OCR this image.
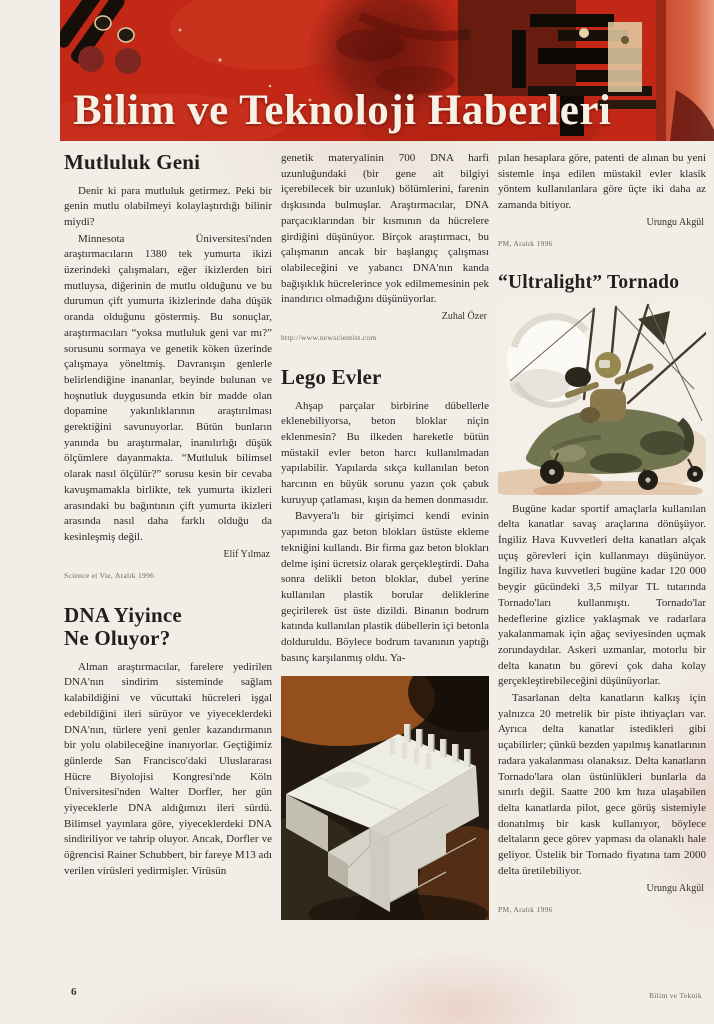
Bilim ve Teknoloji Haberleri
Mutluluk Geni

Denir ki para mutluluk getirmez. Peki bir genin mutlu olabilmeyi kolaylaştırdığı bilinir miydi?

Minnesota Üniversitesi'nden araştırmacıların 1380 tek yumurta ikizi üzerindeki çalışmaları, eğer ikizlerden biri mutluysa, diğerinin de mutlu olduğunu ve bu durumun çift yumurta ikizlerinde daha düşük oranda olduğunu göstermiş. Bu sonuçlar, araştırmacıları “yoksa mutluluk geni var mı?” sorusunu sormaya ve genetik köken üzerinde çalışmaya yöneltmiş. Davranışın genlerle belirlendiğine inananlar, beyinde bulunan ve hoşnutluk duygusunda etkin bir madde olan dopamine yakınlıklarının araştırılması gerektiğini savunuyorlar. Bütün bunların yanında bu araştırmalar, inanılırlığı düşük ölçümlere dayanmakta. “Mutluluk bilimsel olarak nasıl ölçülür?” sorusu kesin bir cevaba kavuşmamakla birlikte, tek yumurta ikizleri arasındaki bu bağıntının çift yumurta ikizleri arasında nasıl daha farklı olduğu da kesinleşmiş değil.

Elif Yılmaz
Science et Vie, Aralık 1996
DNA Yiyince
Ne Oluyor?

Alman araştırmacılar, farelere yedirilen DNA'nın sindirim sisteminde sağlam kalabildiğini ve vücuttaki hücreleri işgal edebildiğini ileri sürüyor ve yiyeceklerdeki DNA'nın, türlere yeni genler kazandırmanın bir yolu olabileceğine inanıyorlar. Geçtiğimiz günlerde San Francisco'daki Uluslararası Hücre Biyolojisi Kongresi'nde Köln Üniversitesi'nden Walter Dorfler, her gün yiyeceklerle DNA aldığımızı ileri sürdü. Bilimsel yayınlara göre, yiyeceklerdeki DNA sindiriliyor ve tahrip oluyor. Ancak, Dorfler ve öğrencisi Rainer Schubbert, bir fareye M13 adı verilen virüsleri yedirmişler. Virüsün

genetik materyalinin 700 DNA harfi uzunluğundaki (bir gene ait bilgiyi içerebilecek bir uzunluk) bölümlerini, farenin dışkısında bulmuşlar. Araştırmacılar, DNA parçacıklarından bir kısmının da hücrelere girdiğini düşünüyor. Birçok araştırmacı, bu çalışmanın ancak bir başlangıç çalışması olabileceğini ve yabancı DNA'nın kanda bağışıklık hücrelerince yok edilmemesinin pek inandırıcı olmadığını düşünüyorlar.

Zuhal Özer
http://www.newscientist.com
Lego Evler

Ahşap parçalar birbirine dübellerle eklenebiliyorsa, beton bloklar niçin eklenmesin? Bu ilkeden hareketle bütün müstakil evler beton harcı kullanılmadan yapılabilir. Yapılarda sıkça kullanılan beton harcının en büyük sorunu yazın çok çabuk kuruyup çatlaması, kışın da hemen donmasıdır.

Bavyera'lı bir girişimci kendi evinin yapımında gaz beton blokları üstüste ekleme tekniğini kullandı. Bir firma gaz beton blokları delme işini ücretsiz olarak gerçekleştirdi. Daha sonra delikli beton bloklar, dubel yerine kullanılan plastik borular deliklerine geçirilerek üst üste dizildi. Binanın bodrum katında kullanılan plastik dübellerin içi betonla dolduruldu. Böylece bodrum tavanının yaptığı basınç karşılanmış oldu. Ya-

pılan hesaplara göre, patenti de alınan bu yeni sistemle inşa edilen müstakil evler klasik yöntem kullanılanlara göre üçte iki daha az zamanda bitiyor.

Urungu Akgül
PM, Aralık 1996
“Ultralight” Tornado

Bugüne kadar sportif amaçlarla kullanılan delta kanatlar savaş araçlarına dönüşüyor. İngiliz Hava Kuvvetleri delta kanatları alçak uçuş görevleri için kullanmayı düşünüyor. İngiliz hava kuvvetleri bugüne kadar 120 000 beygir gücündeki 3,5 milyar TL tutarında Tornado'ları kullanmıştı. Tornado'lar hedeflerine gizlice yaklaşmak ve radarlara yakalanmamak için ağaç seviyesinden uçmak zorundaydılar. Askeri uzmanlar, motorlu bir delta kanatın bu görevi çok daha kolay gerçekleştirebileceğini düşünüyorlar.

Tasarlanan delta kanatların kalkış için yalnızca 20 metrelik bir piste ihtiyaçları var. Ayrıca delta kanatlar istedikleri gibi uçabilirler; çünkü bezden yapılmış kanatlarının radara yakalanması olanaksız. Delta kanatların Tornado'lara olan üstünlükleri bunlarla da sınırlı değil. Saatte 200 km hıza ulaşabilen delta kanatlarda pilot, gece görüş sistemiyle donatılmış bir kask kullanıyor, böylece deltaların gece görev yapması da olanaklı hale geliyor. Üstelik bir Tornado fiyatına tam 2000 delta üretilebiliyor.

Urungu Akgül
PM, Aralık 1996
6	Bilim ve Teknik
